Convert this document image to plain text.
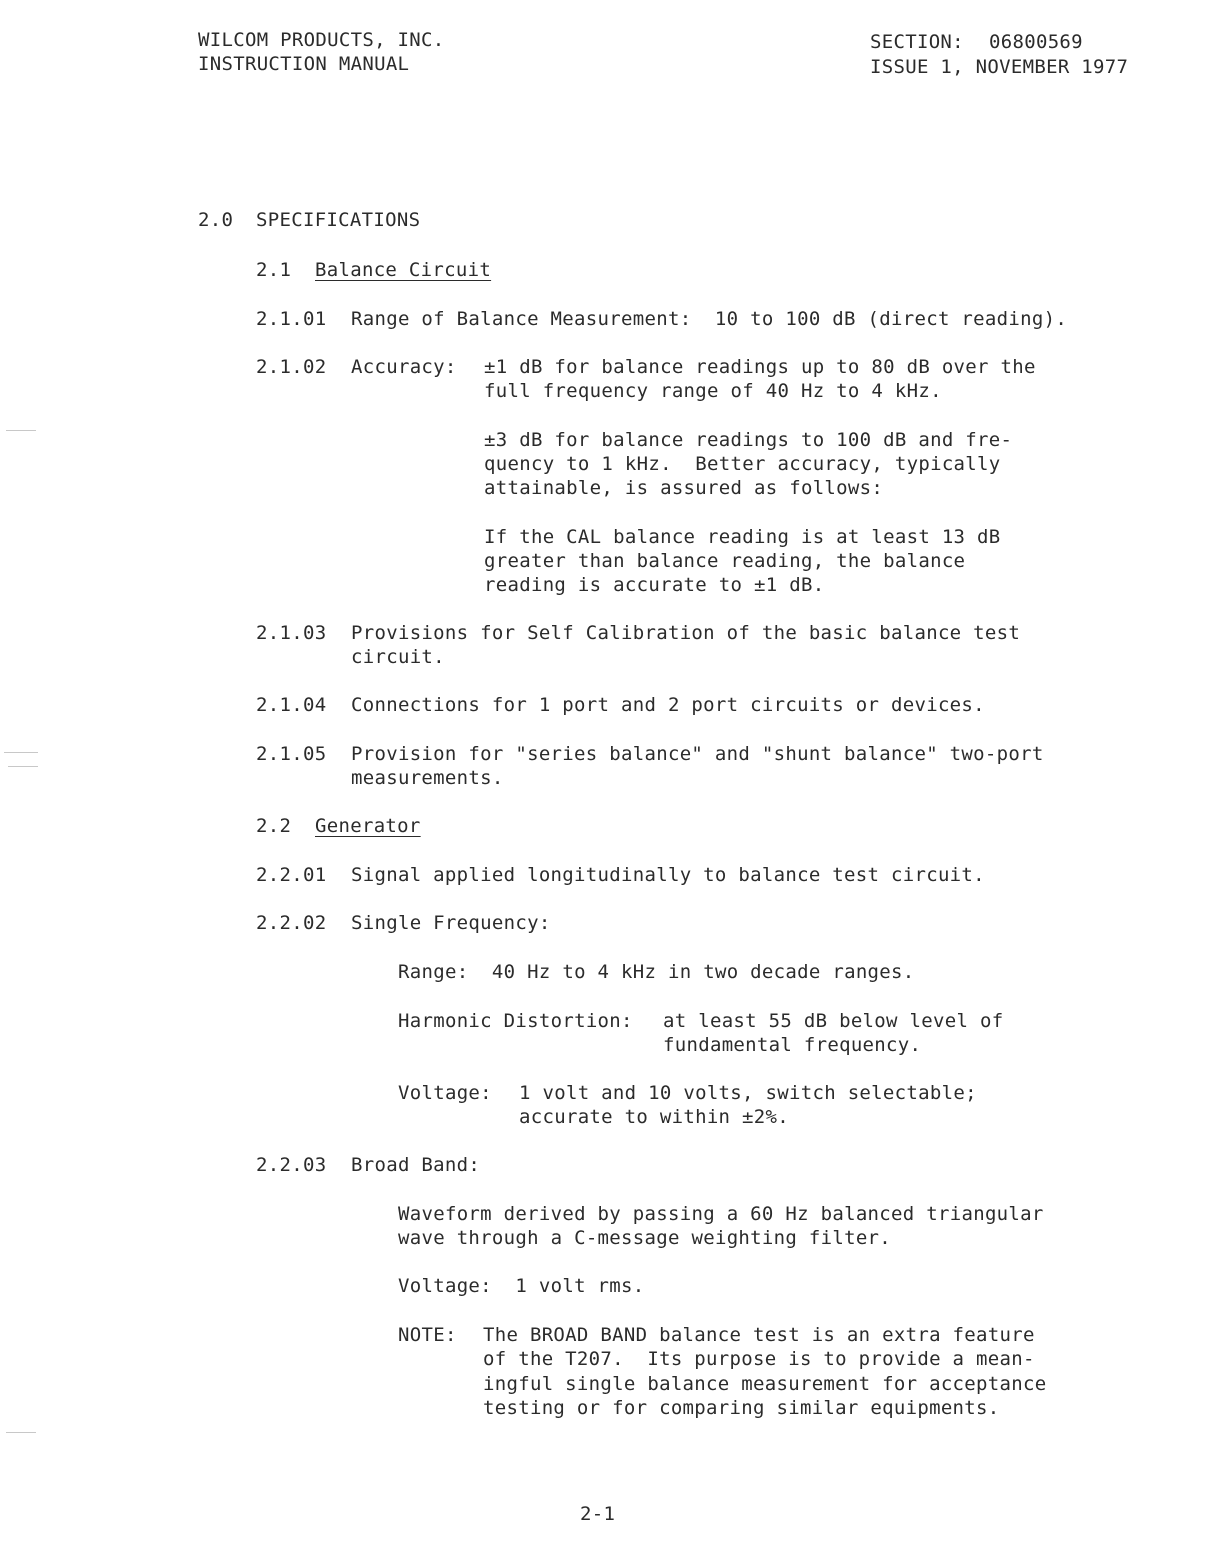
WILCOM PRODUCTS, INC.
INSTRUCTION MANUAL
SECTION: 06800569
ISSUE 1, NOVEMBER 1977
2.0 SPECIFICATIONS
2.1 Balance Circuit
2.1.01 Range of Balance Measurement:  10 to 100 dB (direct reading).
2.1.02 Accuracy: ±1 dB for balance readings up to 80 dB over the
full frequency range of 40 Hz to 4 kHz.
±3 dB for balance readings to 100 dB and fre-
quency to 1 kHz.  Better accuracy, typically
attainable, is assured as follows:
If the CAL balance reading is at least 13 dB
greater than balance reading, the balance
reading is accurate to ±1 dB.
2.1.03 Provisions for Self Calibration of the basic balance test
circuit.
2.1.04 Connections for 1 port and 2 port circuits or devices.
2.1.05 Provision for "series balance" and "shunt balance" two-port
measurements.
2.2 Generator
2.2.01 Signal applied longitudinally to balance test circuit.
2.2.02 Single Frequency:
Range:  40 Hz to 4 kHz in two decade ranges.
Harmonic Distortion: at least 55 dB below level of
fundamental frequency.
Voltage: 1 volt and 10 volts, switch selectable;
accurate to within ±2%.
2.2.03 Broad Band:
Waveform derived by passing a 60 Hz balanced triangular
wave through a C-message weighting filter.
Voltage:  1 volt rms.
NOTE: The BROAD BAND balance test is an extra feature
of the T207.  Its purpose is to provide a mean-
ingful single balance measurement for acceptance
testing or for comparing similar equipments.
2-1
